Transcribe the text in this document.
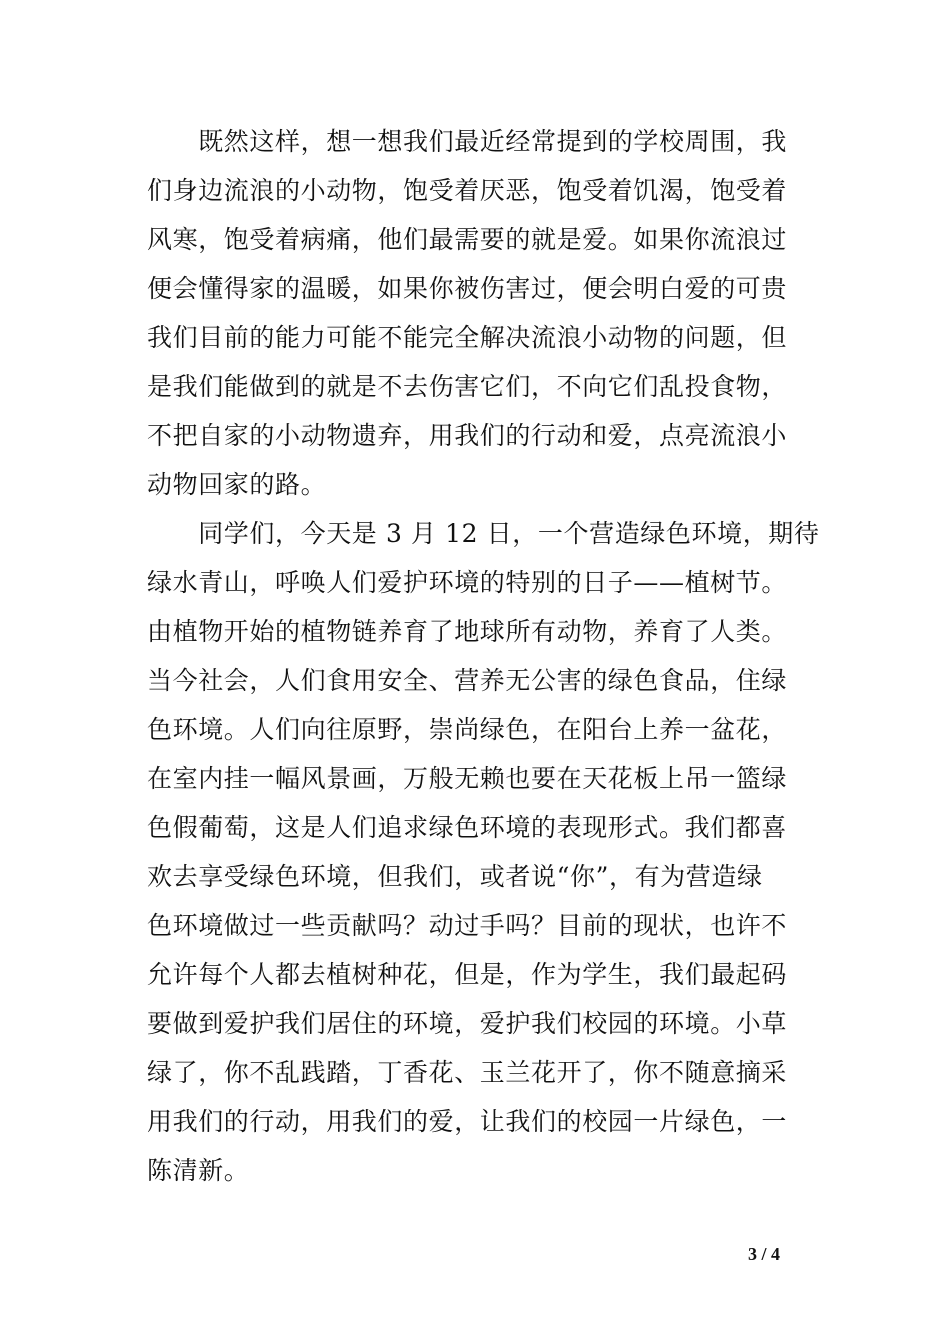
　　既然这样，想一想我们最近经常提到的学校周围，我
们身边流浪的小动物，饱受着厌恶，饱受着饥渴，饱受着
风寒，饱受着病痛，他们最需要的就是爱。如果你流浪过
便会懂得家的温暖，如果你被伤害过，便会明白爱的可贵
我们目前的能力可能不能完全解决流浪小动物的问题，但
是我们能做到的就是不去伤害它们，不向它们乱投食物，
不把自家的小动物遗弃，用我们的行动和爱，点亮流浪小
动物回家的路。
　　同学们，今天是 3 月 12 日，一个营造绿色环境，期待
绿水青山，呼唤人们爱护环境的特别的日子——植树节。
由植物开始的植物链养育了地球所有动物，养育了人类。
当今社会，人们食用安全、营养无公害的绿色食品，住绿
色环境。人们向往原野，崇尚绿色，在阳台上养一盆花，
在室内挂一幅风景画，万般无赖也要在天花板上吊一篮绿
色假葡萄，这是人们追求绿色环境的表现形式。我们都喜
欢去享受绿色环境，但我们，或者说“你”，有为营造绿
色环境做过一些贡献吗？动过手吗？目前的现状，也许不
允许每个人都去植树种花，但是，作为学生，我们最起码
要做到爱护我们居住的环境，爱护我们校园的环境。小草
绿了，你不乱践踏，丁香花、玉兰花开了，你不随意摘采
用我们的行动，用我们的爱，让我们的校园一片绿色，一
陈清新。
3 / 4
